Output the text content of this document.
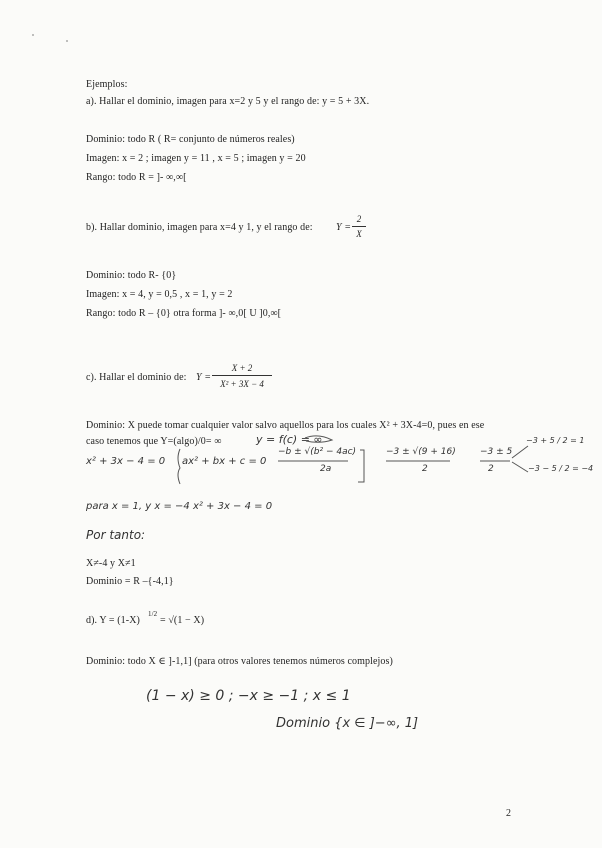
Ejemplos:
a). Hallar el dominio, imagen para x=2 y 5 y el rango de: y = 5 + 3X.
Dominio: todo R ( R= conjunto de números reales)
Imagen: x = 2 ; imagen y = 11 , x = 5 ; imagen y = 20
Rango: todo R = ]- ∞,∞[
b). Hallar dominio, imagen para x=4 y 1, y el rango de: Y =
2
X
Dominio: todo R- {0}
Imagen: x = 4, y = 0,5 , x = 1, y = 2
Rango: todo R – {0} otra forma ]- ∞,0[ U ]0,∞[
c). Hallar el dominio de: Y =
X + 2
X² + 3X − 4
Dominio: X puede tomar cualquier valor salvo aquellos para los cuales X² + 3X-4=0, pues en ese
caso tenemos que Y=(algo)/0= ∞	y = f(c) = ∞
x² + 3x − 4 = 0 ax² + bx + c = 0
−b ± √(b² − 4ac)
2a
−3 ± √(9 + 16)
2
−3 ± 5
2
−3 + 5 / 2 = 1
−3 − 5 / 2 = −4
para x = 1, y x = −4 x² + 3x − 4 = 0
Por tanto:
X≠-4 y X≠1
Dominio = R –{-4,1}
d). Y = (1-X)
1/2
= √(1 − X)
Dominio: todo X ∈ ]-1,1] (para otros valores tenemos números complejos)
(1 − x) ≥ 0 ; −x ≥ −1 ; x ≤ 1
Dominio {x ∈ ]−∞, 1]
2
